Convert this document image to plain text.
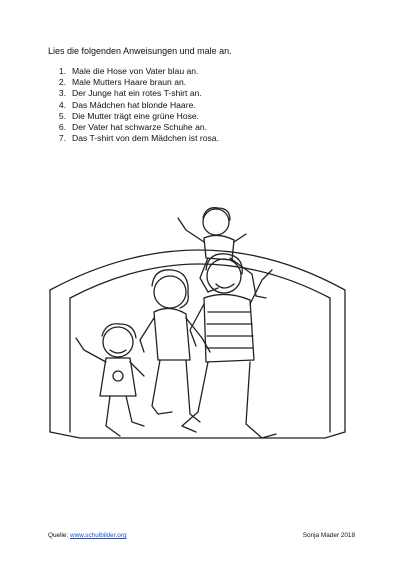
Lies die folgenden Anweisungen und male an.
1. Male die Hose von Vater blau an.
2. Male Mutters Haare braun an.
3. Der Junge hat ein rotes T-shirt an.
4. Das Mädchen hat blonde Haare.
5. Die Mutter trägt eine grüne Hose.
6. Der Vater hat schwarze Schuhe an.
7. Das T-shirt von dem Mädchen ist rosa.
Quelle: www.schulbilder.org	Sonja Mader 2018
